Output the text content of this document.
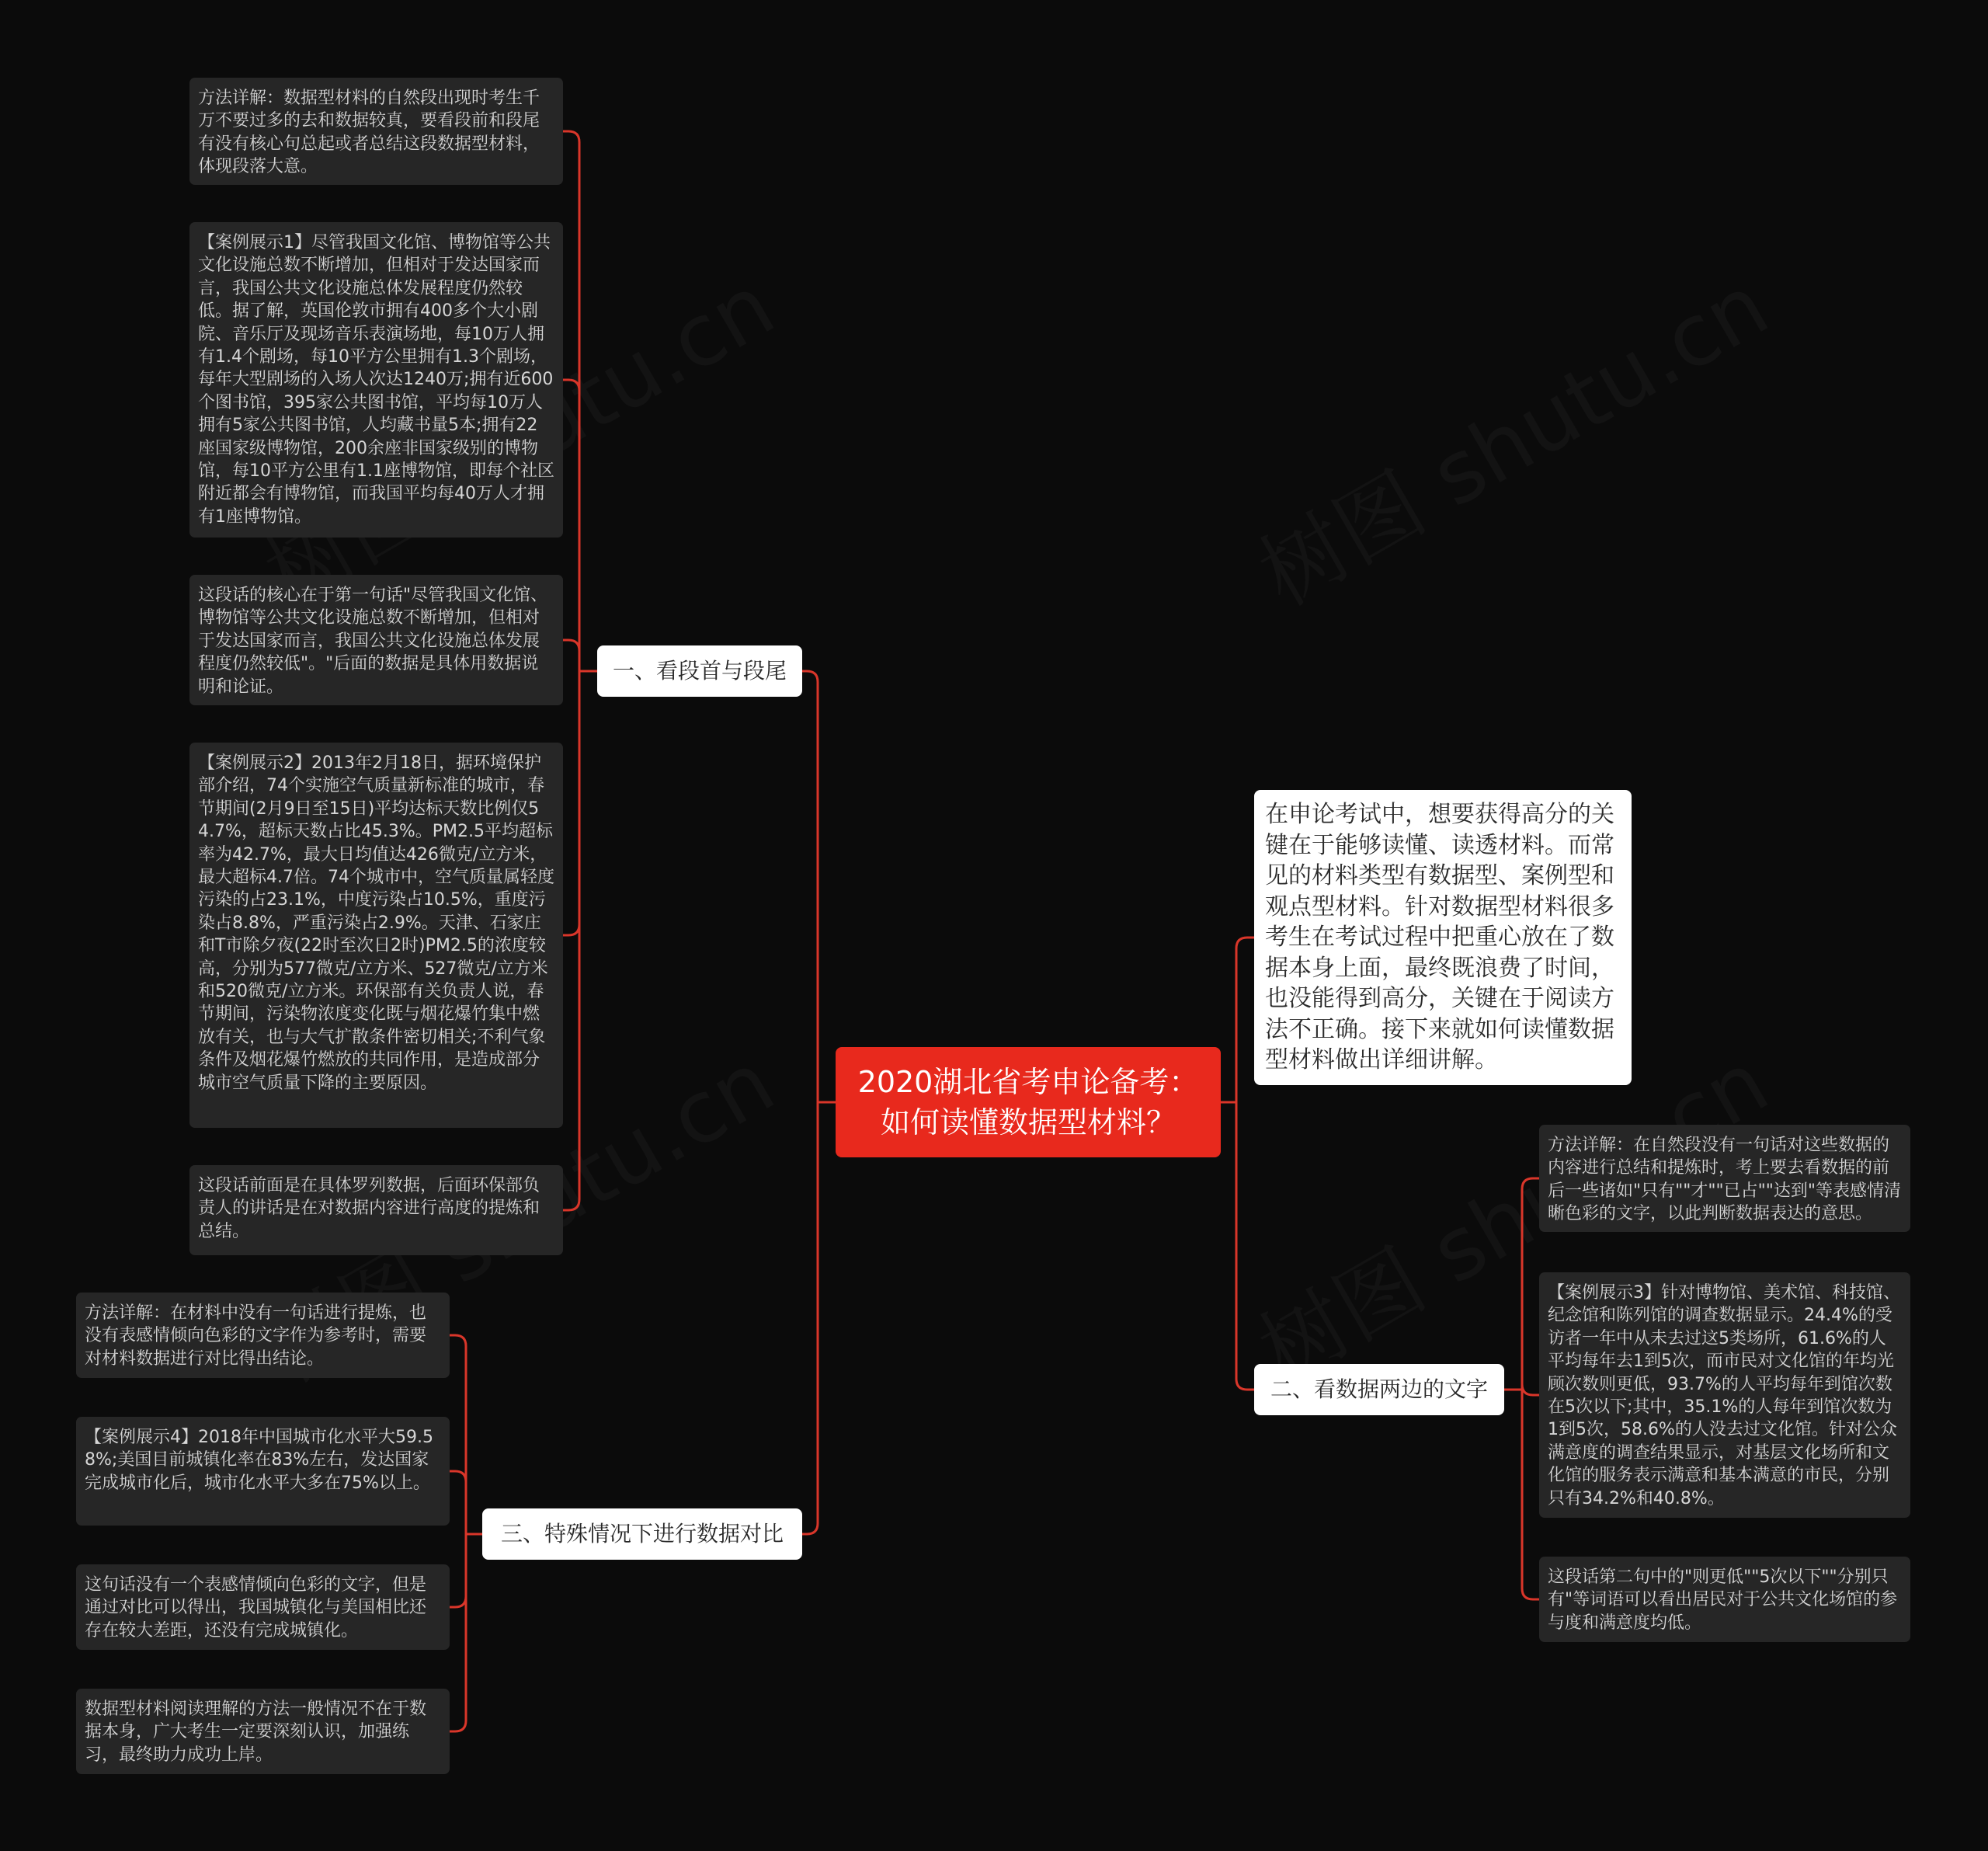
2020湖北省考申论备考：如何读懂数据型材料？
在申论考试中，想要获得高分的关键在于能够读懂、读透材料。而常见的材料类型有数据型、案例型和观点型材料。针对数据型材料很多考生在考试过程中把重心放在了数据本身上面，最终既浪费了时间，也没能得到高分，关键在于阅读方法不正确。接下来就如何读懂数据型材料做出详细讲解。
一、看段首与段尾
方法详解：数据型材料的自然段出现时考生千万不要过多的去和数据较真，要看段前和段尾有没有核心句总起或者总结这段数据型材料，体现段落大意。
【案例展示1】尽管我国文化馆、博物馆等公共文化设施总数不断增加，但相对于发达国家而言，我国公共文化设施总体发展程度仍然较低。据了解，英国伦敦市拥有400多个大小剧院、音乐厅及现场音乐表演场地，每10万人拥有1.4个剧场，每10平方公里拥有1.3个剧场，每年大型剧场的入场人次达1240万;拥有近600个图书馆，395家公共图书馆，平均每10万人拥有5家公共图书馆，人均藏书量5本;拥有22座国家级博物馆，200余座非国家级别的博物馆，每10平方公里有1.1座博物馆，即每个社区附近都会有博物馆，而我国平均每40万人才拥有1座博物馆。
这段话的核心在于第一句话"尽管我国文化馆、博物馆等公共文化设施总数不断增加，但相对于发达国家而言，我国公共文化设施总体发展程度仍然较低"。"后面的数据是具体用数据说明和论证。
【案例展示2】2013年2月18日，据环境保护部介绍，74个实施空气质量新标准的城市，春节期间(2月9日至15日)平均达标天数比例仅54.7%，超标天数占比45.3%。PM2.5平均超标率为42.7%，最大日均值达426微克/立方米，最大超标4.7倍。74个城市中，空气质量属轻度污染的占23.1%，中度污染占10.5%，重度污染占8.8%，严重污染占2.9%。天津、石家庄和T市除夕夜(22时至次日2时)PM2.5的浓度较高，分别为577微克/立方米、527微克/立方米和520微克/立方米。环保部有关负责人说，春节期间，污染物浓度变化既与烟花爆竹集中燃放有关，也与大气扩散条件密切相关;不利气象条件及烟花爆竹燃放的共同作用，是造成部分城市空气质量下降的主要原因。
这段话前面是在具体罗列数据，后面环保部负责人的讲话是在对数据内容进行高度的提炼和总结。
二、看数据两边的文字
方法详解：在自然段没有一句话对这些数据的内容进行总结和提炼时，考上要去看数据的前后一些诸如"只有""才""已占""达到"等表感情清晰色彩的文字，以此判断数据表达的意思。
【案例展示3】针对博物馆、美术馆、科技馆、纪念馆和陈列馆的调查数据显示。24.4%的受访者一年中从未去过这5类场所，61.6%的人平均每年去1到5次，而市民对文化馆的年均光顾次数则更低，93.7%的人平均每年到馆次数在5次以下;其中，35.1%的人每年到馆次数为1到5次，58.6%的人没去过文化馆。针对公众满意度的调查结果显示，对基层文化场所和文化馆的服务表示满意和基本满意的市民，分别只有34.2%和40.8%。
这段话第二句中的"则更低""5次以下""分别只有"等词语可以看出居民对于公共文化场馆的参与度和满意度均低。
三、特殊情况下进行数据对比
方法详解：在材料中没有一句话进行提炼，也没有表感情倾向色彩的文字作为参考时，需要对材料数据进行对比得出结论。
【案例展示4】2018年中国城市化水平大59.58%;美国目前城镇化率在83%左右，发达国家完成城市化后，城市化水平大多在75%以上。
这句话没有一个表感情倾向色彩的文字，但是通过对比可以得出，我国城镇化与美国相比还存在较大差距，还没有完成城镇化。
数据型材料阅读理解的方法一般情况不在于数据本身，广大考生一定要深刻认识，加强练习，最终助力成功上岸。
